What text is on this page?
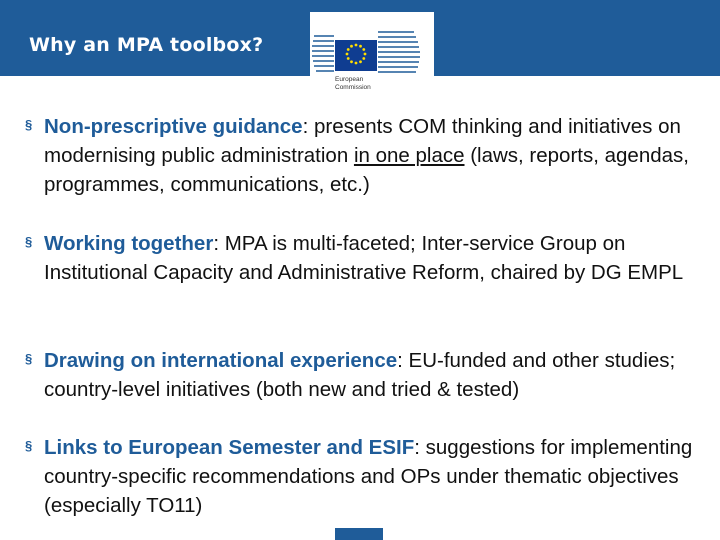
Why an MPA toolbox?
European
Commission
§ Non-prescriptive guidance: presents COM thinking and initiatives on modernising public administration in one place (laws, reports, agendas, programmes, communications, etc.)
§ Working together: MPA is multi-faceted; Inter-service Group on Institutional Capacity and Administrative Reform, chaired by DG EMPL
§ Drawing on international experience: EU-funded and other studies; country-level initiatives (both new and tried & tested)
§ Links to European Semester and ESIF: suggestions for implementing country-specific recommendations and OPs under thematic objectives (especially TO11)
